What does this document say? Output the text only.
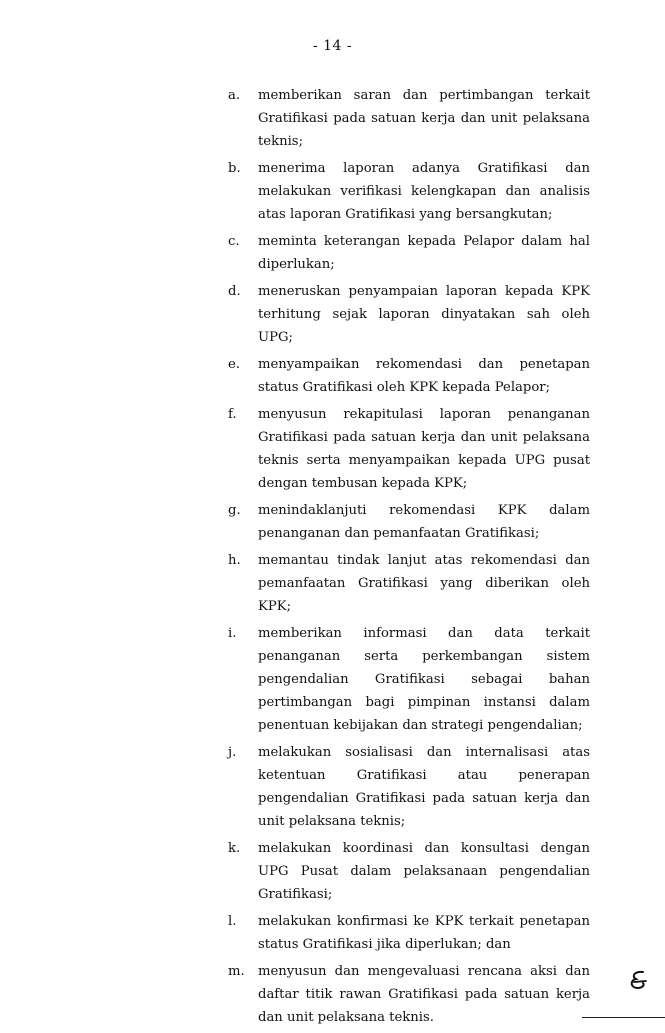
- 14 -
a.	memberikan saran dan pertimbangan terkait Gratifikasi pada satuan kerja dan unit pelaksana teknis;
b.	menerima laporan adanya Gratifikasi dan melakukan verifikasi kelengkapan dan analisis atas laporan Gratifikasi yang bersangkutan;
c.	meminta keterangan kepada Pelapor dalam hal diperlukan;
d.	meneruskan penyampaian laporan kepada KPK terhitung sejak laporan dinyatakan sah oleh UPG;
e.	menyampaikan rekomendasi dan penetapan status Gratifikasi oleh KPK kepada Pelapor;
f.	menyusun rekapitulasi laporan penanganan Gratifikasi pada satuan kerja dan unit pelaksana teknis serta menyampaikan kepada UPG pusat dengan tembusan kepada KPK;
g.	menindaklanjuti rekomendasi KPK dalam penanganan dan pemanfaatan Gratifikasi;
h.	memantau tindak lanjut atas rekomendasi dan pemanfaatan Gratifikasi yang diberikan oleh KPK;
i.	memberikan informasi dan data terkait penanganan serta perkembangan sistem pengendalian Gratifikasi sebagai bahan pertimbangan bagi pimpinan instansi dalam penentuan kebijakan dan strategi pengendalian;
j.	melakukan sosialisasi dan internalisasi atas ketentuan Gratifikasi atau penerapan pengendalian Gratifikasi pada satuan kerja dan unit pelaksana teknis;
k.	melakukan koordinasi dan konsultasi dengan UPG Pusat dalam pelaksanaan pengendalian Gratifikasi;
l.	melakukan konfirmasi ke KPK terkait penetapan status Gratifikasi jika diperlukan; dan
m.	menyusun dan mengevaluasi rencana aksi dan daftar titik rawan Gratifikasi pada satuan kerja dan unit pelaksana teknis.
